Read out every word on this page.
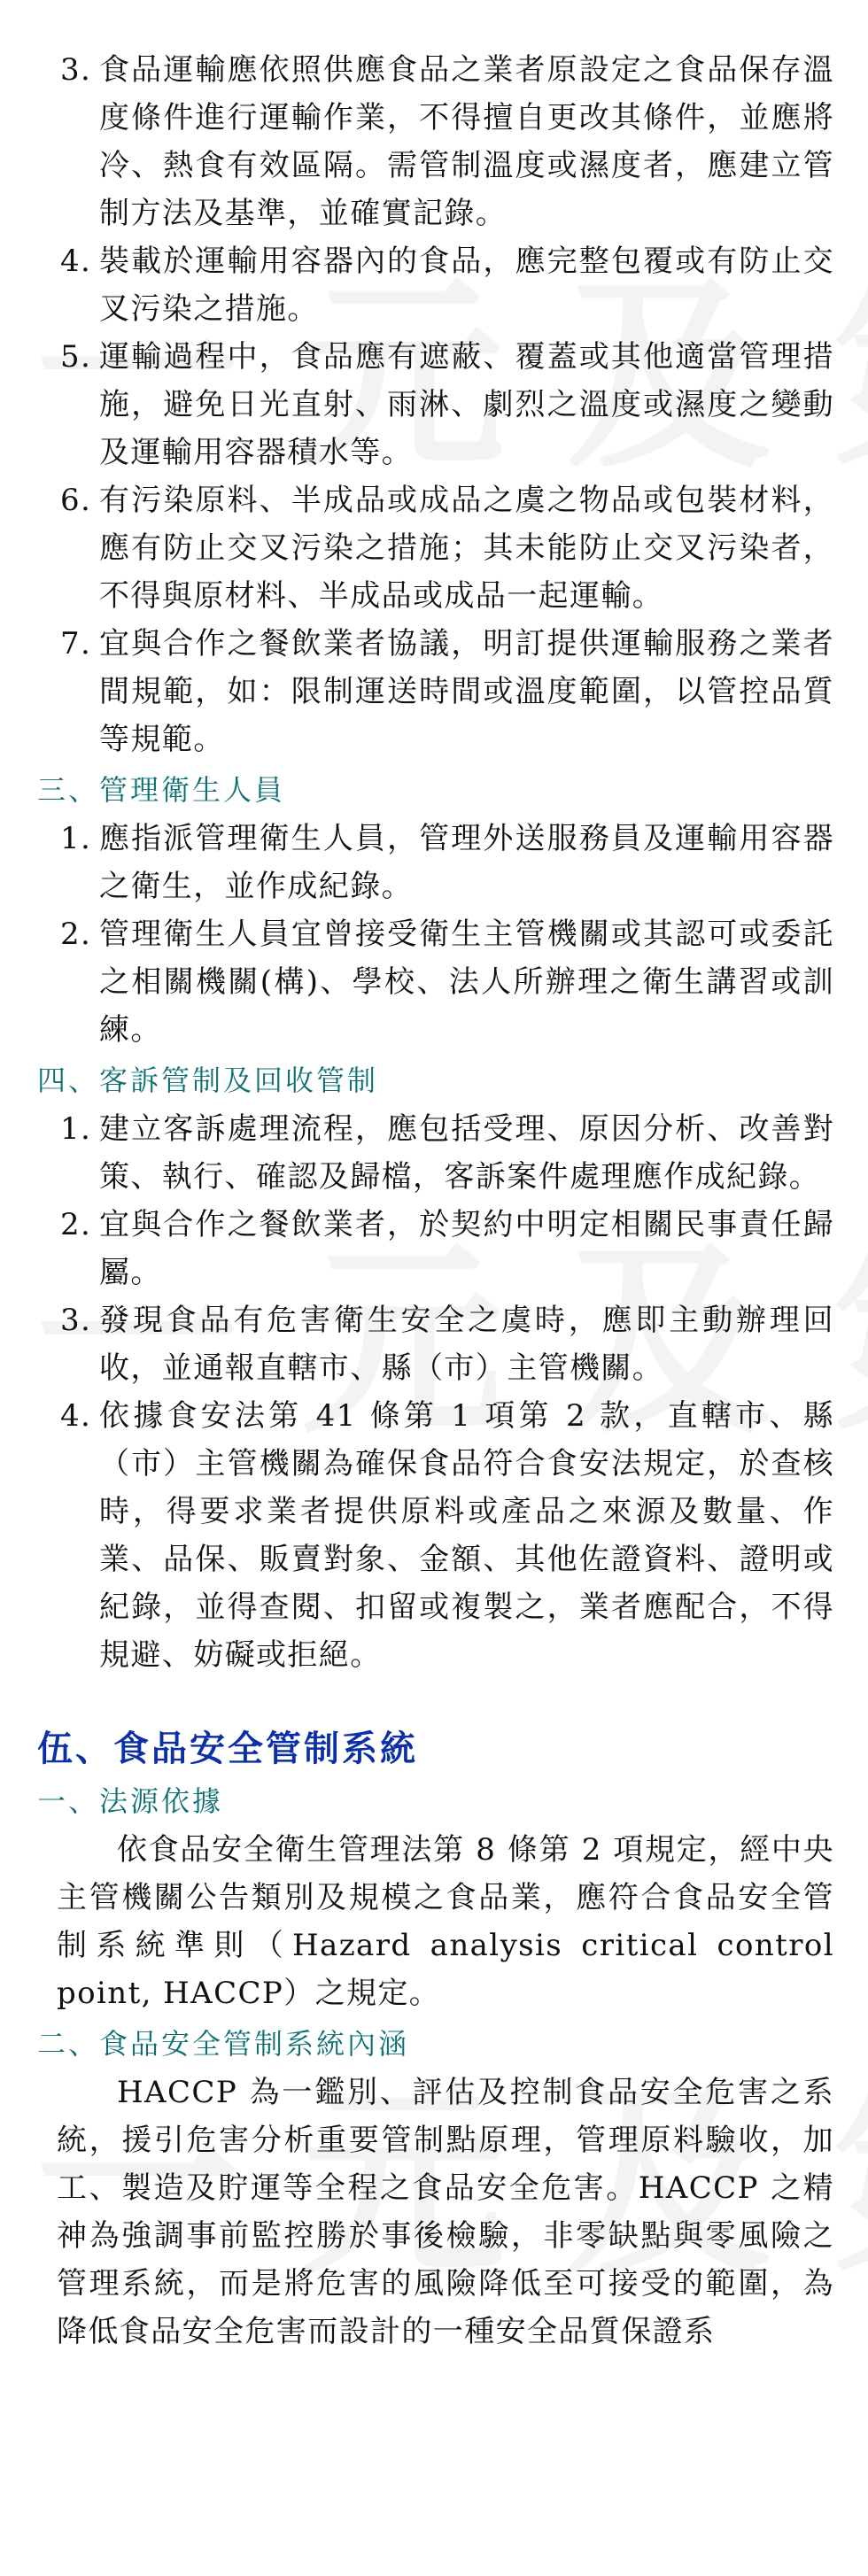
3. 食品運輸應依照供應食品之業者原設定之食品保存溫度條件進行運輸作業，不得擅自更改其條件，並應將冷、熱食有效區隔。需管制溫度或濕度者，應建立管制方法及基準，並確實記錄。
4. 裝載於運輸用容器內的食品，應完整包覆或有防止交叉污染之措施。
5. 運輸過程中，食品應有遮蔽、覆蓋或其他適當管理措施，避免日光直射、雨淋、劇烈之溫度或濕度之變動及運輸用容器積水等。
6. 有污染原料、半成品或成品之虞之物品或包裝材料，應有防止交叉污染之措施；其未能防止交叉污染者，不得與原材料、半成品或成品一起運輸。
7. 宜與合作之餐飲業者協議，明訂提供運輸服務之業者間規範，如：限制運送時間或溫度範圍，以管控品質等規範。
三、管理衛生人員
1. 應指派管理衛生人員，管理外送服務員及運輸用容器之衛生，並作成紀錄。
2. 管理衛生人員宜曾接受衛生主管機關或其認可或委託之相關機關(構)、學校、法人所辦理之衛生講習或訓練。
四、客訴管制及回收管制
1. 建立客訴處理流程，應包括受理、原因分析、改善對策、執行、確認及歸檔，客訴案件處理應作成紀錄。
2. 宜與合作之餐飲業者，於契約中明定相關民事責任歸屬。
3. 發現食品有危害衛生安全之虞時，應即主動辦理回收，並通報直轄市、縣（市）主管機關。
4. 依據食安法第 41 條第 1 項第 2 款，直轄市、縣（市）主管機關為確保食品符合食安法規定，於查核時，得要求業者提供原料或產品之來源及數量、作業、品保、販賣對象、金額、其他佐證資料、證明或紀錄，並得查閱、扣留或複製之，業者應配合，不得規避、妨礙或拒絕。
伍、食品安全管制系統
一、法源依據
依食品安全衛生管理法第 8 條第 2 項規定，經中央主管機關公告類別及規模之食品業，應符合食品安全管制系統準則（Hazard analysis critical control point, HACCP）之規定。
二、食品安全管制系統內涵
HACCP 為一鑑別、評估及控制食品安全危害之系統，援引危害分析重要管制點原理，管理原料驗收，加工、製造及貯運等全程之食品安全危害。HACCP 之精神為強調事前監控勝於事後檢驗，非零缺點與零風險之管理系統，而是將危害的風險降低至可接受的範圍，為降低食品安全危害而設計的一種安全品質保證系
